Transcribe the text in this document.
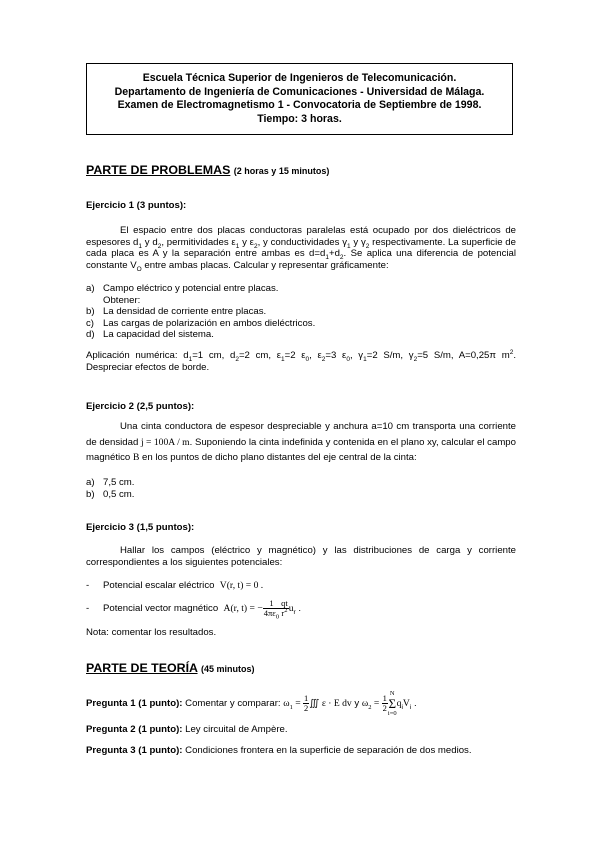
Escuela Técnica Superior de Ingenieros de Telecomunicación.
Departamento de Ingeniería de Comunicaciones - Universidad de Málaga.
Examen de Electromagnetismo 1 - Convocatoria de Septiembre de 1998.
Tiempo: 3 horas.
PARTE DE PROBLEMAS (2 horas y 15 minutos)
Ejercicio 1 (3 puntos):

El espacio entre dos placas conductoras paralelas está ocupado por dos dieléctricos de espesores $d_1$ y $d_2$, permitividades $\varepsilon_1$ y $\varepsilon_2$, y conductividades $\gamma_1$ y $\gamma_2$ respectivamente. La superficie de cada placa es A y la separación entre ambas es $d=d_1+d_2$. Se aplica una diferencia de potencial constante $V_O$ entre ambas placas. Calcular y representar gráficamente:

a) Campo eléctrico y potencial entre placas.
Obtener:
b) La densidad de corriente entre placas.
c) Las cargas de polarización en ambos dieléctricos.
d) La capacidad del sistema.

Aplicación numérica: $d_1=1$ cm, $d_2=2$ cm, $\varepsilon_1=2$ $\varepsilon_0$, $\varepsilon_2=3$ $\varepsilon_0$, $\gamma_1=2$ S/m, $\gamma_2=5$ S/m, A=0,25π $m^2$. Despreciar efectos de borde.

Ejercicio 2 (2,5 puntos):

Una cinta conductora de espesor despreciable y anchura a=10 cm transporta una corriente de densidad j = 100A / m. Suponiendo la cinta indefinida y contenida en el plano xy, calcular el campo magnético B en los puntos de dicho plano distantes del eje central de la cinta:

a) 7,5 cm.
b) 0,5 cm.
Ejercicio 3 (1,5 puntos):

Hallar los campos (eléctrico y magnético) y las distribuciones de carga y corriente correspondientes a los siguientes potenciales:

- Potencial escalar eléctrico V(r, t) = 0 .
- Potencial vector magnético A(r, t) = − $\frac{1}{4\pi\varepsilon_0} \frac{qt}{r^2} u_r$ .
Nota: comentar los resultados.
PARTE DE TEORÍA (45 minutos)
Pregunta 1 (1 punto): Comentar y comparar: $\omega_1 = \frac{1}{2}$ ∭ ε · E dv y $\omega_2 = \frac{1}{2}$
N
Σ
$i=0q_iV_i$ .
Pregunta 2 (1 punto): Ley circuital de Ampère.
Pregunta 3 (1 punto): Condiciones frontera en la superficie de separación de dos medios.
